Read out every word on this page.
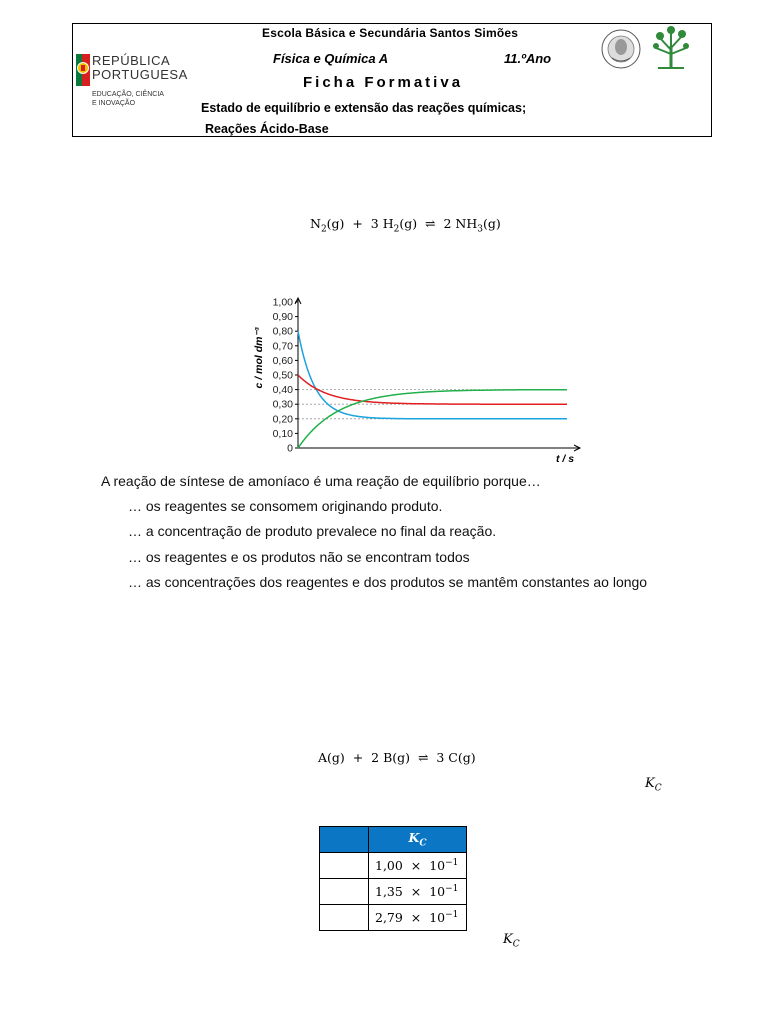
REPÚBLICA
PORTUGUESA
EDUCAÇÃO, CIÊNCIA
E INOVAÇÃO
Escola Básica e Secundária Santos Simões
Física e Química A	11.ºAno
Ficha Formativa
Estado de equilíbrio e extensão das reações químicas;
Reações Ácido-Base
$N_2(g) + 3$ $H_2(g)$  ⇌  2 $NH_3(g)$
1,00
0,90
0,80
0,70
0,60
0,50
0,40
0,30
0,20
0,10
0
c / mol dm⁻³
t / s
A reação de síntese de amoníaco é uma reação de equilíbrio porque…
… os reagentes se consomem originando produto.
… a concentração de produto prevalece no final da reação.
… os reagentes e os produtos não se encontram todos
… as concentrações dos reagentes e dos produtos se mantêm constantes ao longo
A(g)  +  2 B(g)  ⇌  3 C(g)
$K_C$
	$K_C$
	$1,00 \times 10^{-1}$
	$1,35 \times 10^{-1}$
	$2,79 \times 10^{-1}$
$K_C$
